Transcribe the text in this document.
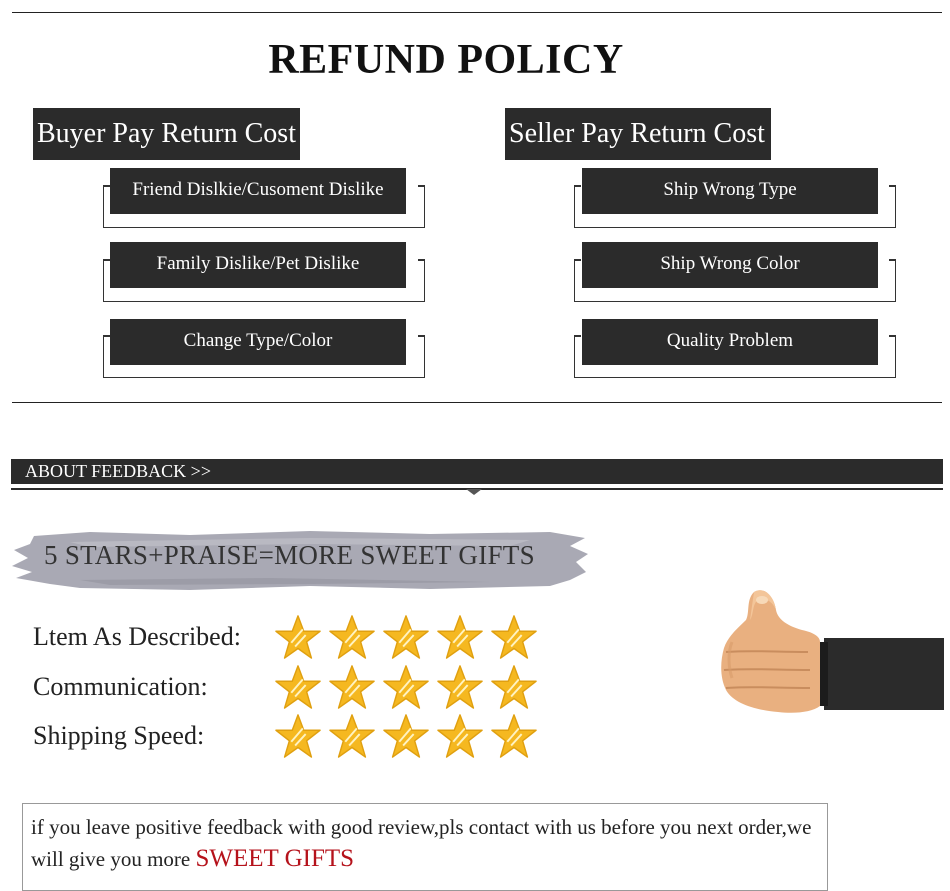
REFUND POLICY
Buyer Pay Return Cost
Friend Dislkie/Cusoment Dislike
Family Dislike/Pet Dislike
Change Type/Color
Seller Pay Return Cost
Ship Wrong Type
Ship Wrong Color
Quality Problem
ABOUT FEEDBACK >>
5 STARS+PRAISE=MORE SWEET GIFTS
Ltem As Described:
Communication:
Shipping Speed:
if you leave positive feedback with good review,pls contact with us before you next order,we will give you more SWEET GIFTS
